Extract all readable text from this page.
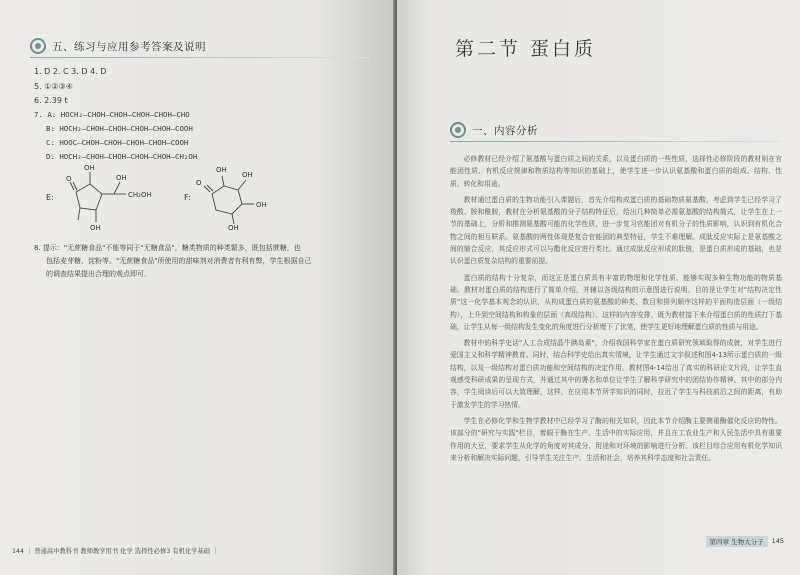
五、练习与应用参考答案及说明
1. D 2. C 3. D 4. D
5. ①②③④
6. 2.39 t
7. A: HOCH₂—CHOH—CHOH—CHOH—CHOH—CHO
B: HOCH₂—CHOH—CHOH—CHOH—CHOH—COOH
C: HOOC—CHOH—CHOH—CHOH—CHOH—COOH
D: HOCH₂—CHOH—CHOH—CHOH—CHOH—CH₂OH
E:
O
OH
OH
CH₂OH
OH
F:
O
OH
OH
OH
OH
8. 提示："无蔗糖食品"不能等同于"无糖食品"，糖类物质的种类繁多，既包括蔗糖，也
包括麦芽糖、淀粉等。"无蔗糖食品"所使用的甜味剂对消费者有利有弊，学生根据自己
的调查结果提出合理的观点即可。
144 ｜ 普通高中教科书 教师教学用书 化学 选择性必修3 有机化学基础 ｜
第二节 蛋白质
一、内容分析

必修教材已经介绍了氨基酸与蛋白质之间的关系，以及蛋白质的一些性质，选择性必修阶段的教材则在官能团性质、有机反应规律和物质结构等知识的基础上，使学生进一步认识氨基酸和蛋白质的组成、结构、性质、转化和用途。

教材通过蛋白质的生物功能引入课题后，首先介绍构成蛋白质的基础物质氨基酸。考虑到学生已经学习了羧酸、胺和酰胺，教材在分析氨基酸的分子结构特征后，给出几种简单必需氨基酸的结构简式，让学生在上一节的基础上，分析和推测氨基酸可能的化学性质，进一步复习官能团对有机分子的性质影响，认识到有机化合物之间的相互联系。氨基酸的两性体现是复合官能团的典型特征，学生不难理解。成肽反应实际上是氨基酸之间的缩合反应，其反应形式可以与酯化反应进行类比。通过成肽反应形成的肽链，是蛋白质形成的基础，也是认识蛋白质复杂结构的重要前提。

蛋白质的结构十分复杂，而这正是蛋白质具有丰富的物理和化学性质、能够实现多种生物功能的物质基础。教材对蛋白质的结构进行了简单介绍，并辅以各级结构的示意图进行说明。目的是让学生对"结构决定性质"这一化学基本观念的认识，从构成蛋白质的氨基酸的种类、数目和排列顺序这样的平面构造层面（一级结构），上升到空间结构和构象的层面（高级结构）。这样的内容安排，既为教材接下来介绍蛋白质的性质打下基础，让学生从每一级结构发生变化的角度进行分析埋下了伏笔，使学生更好地理解蛋白质的性质与用途。

教材中的科学史话"人工合成结晶牛胰岛素"，介绍我国科学家在蛋白质研究领域取得的成就，对学生进行爱国主义和科学精神教育。同时，结合科学史给出真实情境，让学生通过文字叙述和图4-13所示蛋白质的一级结构，以及一级结构对蛋白质功能和空间结构的决定作用。教材图4-14给出了真实的科研论文片段，让学生直观感受科研成果的呈现方式，并通过其中的署名和单位让学生了解科学研究中的团结协作精神。其中的部分内容，学生阅读后可以大致理解，这样，在应用本节所学知识的同时，拉近了学生与科技前沿之间的距离，有助于激发学生的学习热情。

学生在必修化学和生物学教材中已经学习了酶的相关知识，因此本节介绍酶主要侧重酶催化反应的特性。该部分的"研究与实践"栏目，着眼于酶在生产、生活中的实际应用，并且在工农业生产和人民生活中具有重要作用的大豆，要求学生从化学的角度对其成分、用途和对环境的影响进行分析。该栏目综合应用有机化学知识来分析和解决实际问题，引导学生关注生产、生活和社会，培养其科学态度和社会责任。

第四章 生物大分子	145
